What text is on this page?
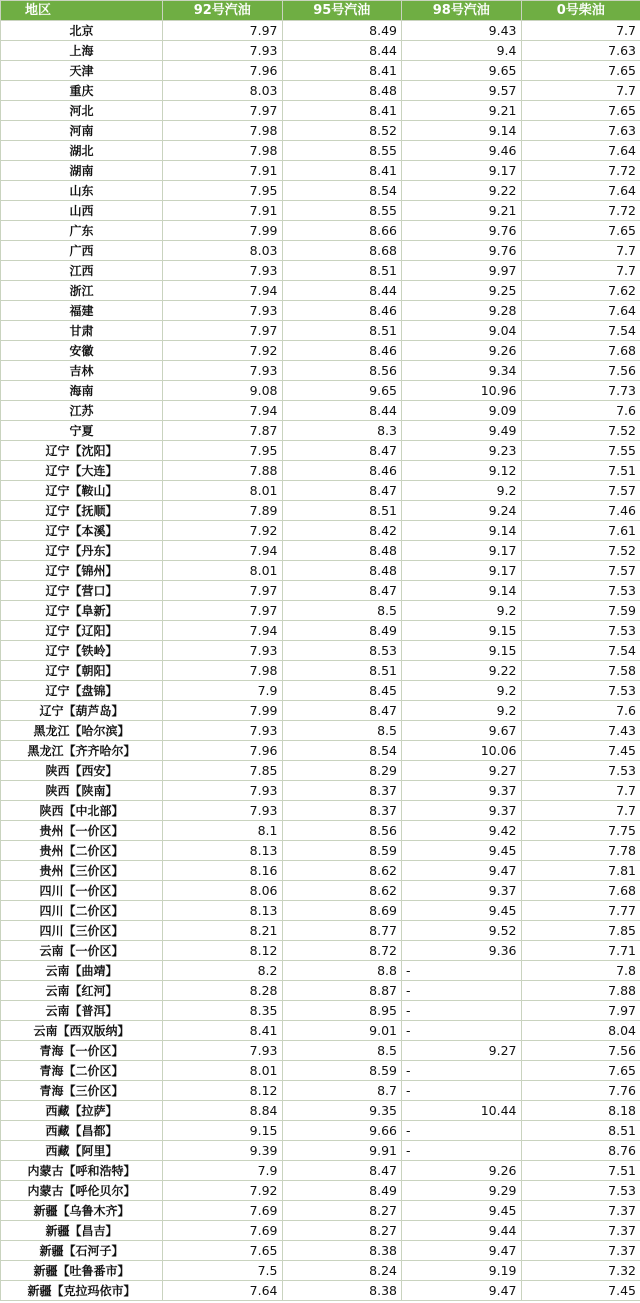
地区	92号汽油	95号汽油	98号汽油	0号柴油
北京	7.97	8.49	9.43	7.7
上海	7.93	8.44	9.4	7.63
天津	7.96	8.41	9.65	7.65
重庆	8.03	8.48	9.57	7.7
河北	7.97	8.41	9.21	7.65
河南	7.98	8.52	9.14	7.63
湖北	7.98	8.55	9.46	7.64
湖南	7.91	8.41	9.17	7.72
山东	7.95	8.54	9.22	7.64
山西	7.91	8.55	9.21	7.72
广东	7.99	8.66	9.76	7.65
广西	8.03	8.68	9.76	7.7
江西	7.93	8.51	9.97	7.7
浙江	7.94	8.44	9.25	7.62
福建	7.93	8.46	9.28	7.64
甘肃	7.97	8.51	9.04	7.54
安徽	7.92	8.46	9.26	7.68
吉林	7.93	8.56	9.34	7.56
海南	9.08	9.65	10.96	7.73
江苏	7.94	8.44	9.09	7.6
宁夏	7.87	8.3	9.49	7.52
辽宁【沈阳】	7.95	8.47	9.23	7.55
辽宁【大连】	7.88	8.46	9.12	7.51
辽宁【鞍山】	8.01	8.47	9.2	7.57
辽宁【抚顺】	7.89	8.51	9.24	7.46
辽宁【本溪】	7.92	8.42	9.14	7.61
辽宁【丹东】	7.94	8.48	9.17	7.52
辽宁【锦州】	8.01	8.48	9.17	7.57
辽宁【营口】	7.97	8.47	9.14	7.53
辽宁【阜新】	7.97	8.5	9.2	7.59
辽宁【辽阳】	7.94	8.49	9.15	7.53
辽宁【铁岭】	7.93	8.53	9.15	7.54
辽宁【朝阳】	7.98	8.51	9.22	7.58
辽宁【盘锦】	7.9	8.45	9.2	7.53
辽宁【葫芦岛】	7.99	8.47	9.2	7.6
黑龙江【哈尔滨】	7.93	8.5	9.67	7.43
黑龙江【齐齐哈尔】	7.96	8.54	10.06	7.45
陕西【西安】	7.85	8.29	9.27	7.53
陕西【陕南】	7.93	8.37	9.37	7.7
陕西【中北部】	7.93	8.37	9.37	7.7
贵州【一价区】	8.1	8.56	9.42	7.75
贵州【二价区】	8.13	8.59	9.45	7.78
贵州【三价区】	8.16	8.62	9.47	7.81
四川【一价区】	8.06	8.62	9.37	7.68
四川【二价区】	8.13	8.69	9.45	7.77
四川【三价区】	8.21	8.77	9.52	7.85
云南【一价区】	8.12	8.72	9.36	7.71
云南【曲靖】	8.2	8.8	-	7.8
云南【红河】	8.28	8.87	-	7.88
云南【普洱】	8.35	8.95	-	7.97
云南【西双版纳】	8.41	9.01	-	8.04
青海【一价区】	7.93	8.5	9.27	7.56
青海【二价区】	8.01	8.59	-	7.65
青海【三价区】	8.12	8.7	-	7.76
西藏【拉萨】	8.84	9.35	10.44	8.18
西藏【昌都】	9.15	9.66	-	8.51
西藏【阿里】	9.39	9.91	-	8.76
内蒙古【呼和浩特】	7.9	8.47	9.26	7.51
内蒙古【呼伦贝尔】	7.92	8.49	9.29	7.53
新疆【乌鲁木齐】	7.69	8.27	9.45	7.37
新疆【昌吉】	7.69	8.27	9.44	7.37
新疆【石河子】	7.65	8.38	9.47	7.37
新疆【吐鲁番市】	7.5	8.24	9.19	7.32
新疆【克拉玛依市】	7.64	8.38	9.47	7.45
